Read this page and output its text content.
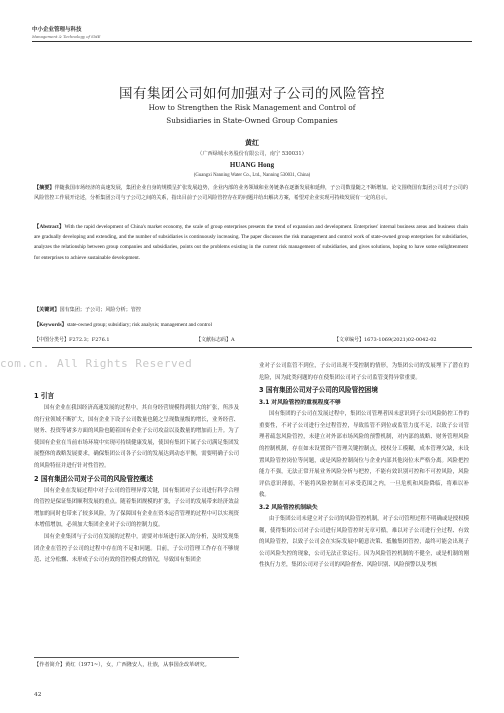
中小企业管理与科技
Management & Technology of SME
国有集团公司如何加强对子公司的风险管控
How to Strengthen the Risk Management and Control of Subsidiaries in State-Owned Group Companies
黄红
（广西绿城水务股份有限公司，南宁 530031）
HUANG Hong
(Guangxi Nanning Water Co., Ltd., Nanning 530031, China)
【摘要】伴随我国市场经济的高速发展，集团企业自身的规模呈扩张发展趋势，企业内部的业务领域和业务链条在逐渐发展和延伸，子公司数量随之不断增加。论文围绕国有集团公司对子公司的风险管控工作展开论述，分析集团公司与子公司之间的关系，指出目前子公司风险管控存在的问题并给出解决方案，希望对企业实现可持续发展有一定的启示。
【Abstract】With the rapid development of China's market economy, the scale of group enterprises presents the trend of expansion and development. Enterprises' internal business areas and business chain are gradually developing and extending, and the number of subsidiaries is continuously increasing. The paper discusses the risk management and control work of state-owned group enterprises for subsidiaries, analyzes the relationship between group companies and subsidiaries, points out the problems existing in the current risk management of subsidiaries, and gives solutions, hoping to have some enlightenment for enterprises to achieve sustainable development.
【关键词】国有集团；子公司；风险分析；管控
【Keywords】state-owned group; subsidiary; risk analysis; management and control
【中图分类号】F272.3；F276.1	【文献标志码】A	【文章编号】1673-1069(2021)02-0042-02
com.cn. All Rights Reserved
1 引言

国有企业在我国经济高速发展的过程中，其自身经营规模得到很大的扩张，所涉及的行业领域不断扩大，国有企业下设子公司数量也随之呈现数量级的增长，业务经营、财务、投资等诸多方面的风险也随着国有企业子公司攻益以及数量的增加而上升。为了使国有企业在当前市场环境中实现可持续健康发展，使国有集团下属子公司满足集团发展整体的战略发展要求，确保集团公司各子公司的发展达到动态平衡，需要明确子公司的风险特征并进行针对性管控。

2 国有集团公司对子公司的风险管控概述

国有企业在发展过程中对子公司的管理异常关键，国有集团对子公司进行科学合理的管控是保证集团顺利发展的重点。随着集团规模的扩张，子公司的发展带来经济效益增加的同时也带来了较多风险，为了保障国有企业在资本运营管理的过程中可以实现资本增值增加，必须加大集团企业对子公司的控制力度。

国有企业集团与子公司在发展的过程中，需要对市场进行深入的分析，及时发现集团企业在管控子公司的过程中存在的不足和问题。目前，子公司管理工作存在不够规范、过分松懈、未形成子公司有效的管控模式的情况，导致国有集团企

【作者简介】黄红（1971~），女，广西隆安人，壮族，从事国企改革研究。
42

业对子公司监管不到位，子公司出现不受控制的情形，为集团公司的发展埋下了潜在的危险，因为此类问题的存在使集团公司对子公司监管变得异常重要。

3 国有集团公司对子公司的风险管控困境
3.1 对风险管控的重视程度不够

国有集团的子公司在发展过程中，集团公司管理者因未意识到子公司风险防控工作的重要性，不对子公司进行全过程管控，导致监管不到位或监管力度不足，以致子公司管理者疏忽风险管控，未建立对外部市场风险的预警机制，对内部的战略、财务管理风险的控制机制，存在如未设置资产管理关键控制点，授权分工模糊，成本管理欠缺，未设置风险管控岗位等问题，或是风险控制岗位与企业内部其他岗位未严格分离。风险把控能力不强，无法正常开展业务风险分析与把控，不能有效识别可控和不可控风险，风险评估意识薄弱，不能将风险控制在可承受范围之内，一旦危机和风险降临，将难以补救。

3.2 风险管控机制缺失

由于集团公司未建立对子公司的风险管控机制，对子公司管理过程不明确或是授权模糊，使得集团公司对子公司进行风险管控时无章可循，难以对子公司进行全过程、有效的风险管控，以致子公司会在实际发展中随意决策、抵触集团管控，最终可能会出现子公司风险失控的现象，公司无法正常运行。因为风险管控机制的不健全，或是机制的刚性执行力差，集团公司对子公司的风险督查、风险识别、风险预警以及考核
